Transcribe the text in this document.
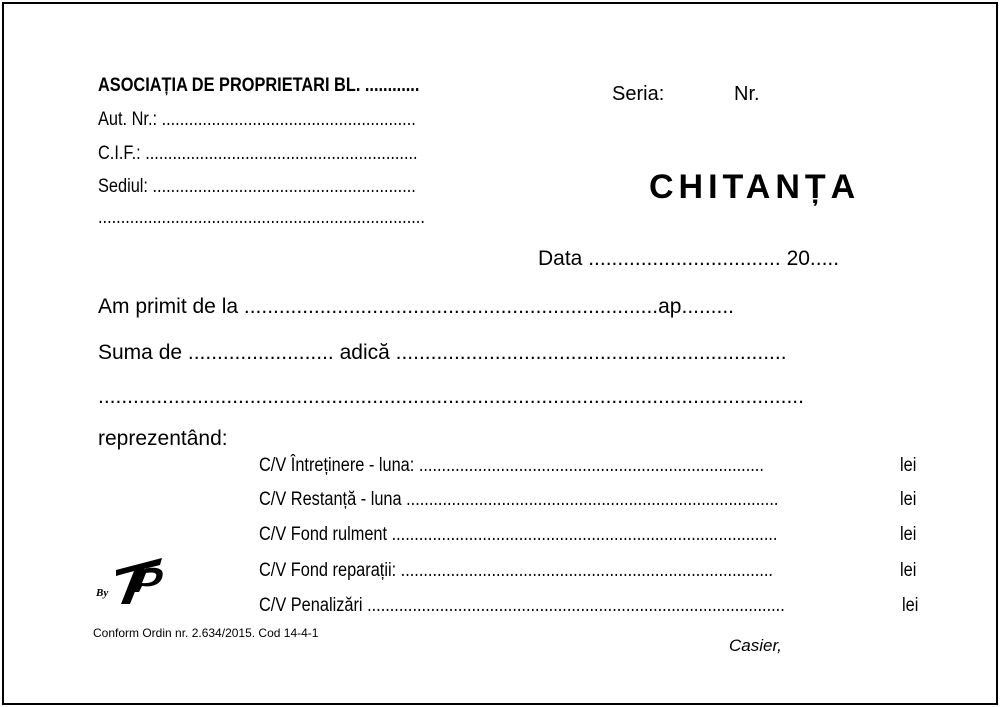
ASOCIAȚIA DE PROPRIETARI BL. ............
Aut. Nr.: ........................................................
C.I.F.: ............................................................
Sediul: ..........................................................
........................................................................
Seria:	Nr.
CHITANȚA
Data ................................. 20.....
Am primit de la .......................................................................ap.........
Suma de ......................... adică ...................................................................
.........................................................................................................................
reprezentând:
C/V Întreținere - luna: ............................................................................	lei
C/V Restanță - luna ..................................................................................	lei
C/V Fond rulment .....................................................................................	lei
C/V Fond reparații: ..................................................................................	lei
C/V Penalizări ............................................................................................	lei
By
Conform Ordin nr. 2.634/2015. Cod 14-4-1
Casier,
